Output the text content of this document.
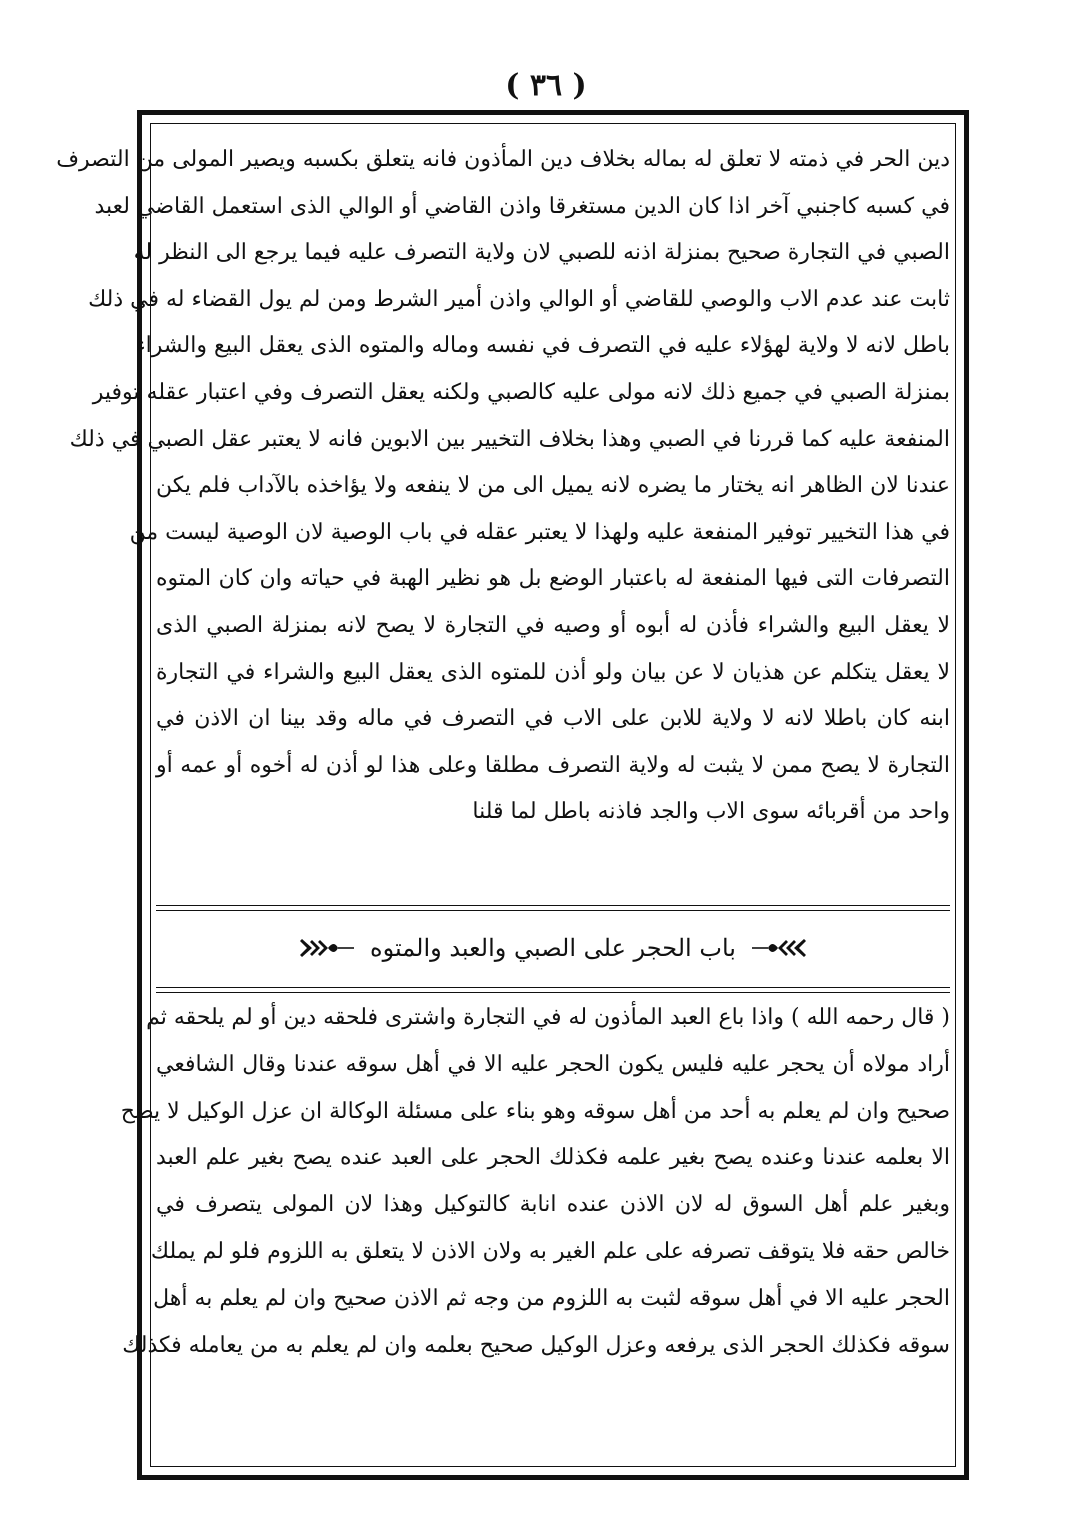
( ٣٦ )
دين الحر في ذمته لا تعلق له بماله بخلاف دين المأذون فانه يتعلق بكسبه ويصير المولى من التصرف
في كسبه كاجنبي آخر اذا كان الدين مستغرقا واذن القاضي أو الوالي الذى استعمل القاضي لعبد
الصبي في التجارة صحيح بمنزلة اذنه للصبي لان ولاية التصرف عليه فيما يرجع الى النظر له
ثابت عند عدم الاب والوصي للقاضي أو الوالي واذن أمير الشرط ومن لم يول القضاء له في ذلك
باطل لانه لا ولاية لهؤلاء عليه في التصرف في نفسه وماله والمتوه الذى يعقل البيع والشراء
بمنزلة الصبي في جميع ذلك لانه مولى عليه كالصبي ولكنه يعقل التصرف وفي اعتبار عقله توفير
المنفعة عليه كما قررنا في الصبي وهذا بخلاف التخيير بين الابوين فانه لا يعتبر عقل الصبي في ذلك
عندنا لان الظاهر انه يختار ما يضره لانه يميل الى من لا ينفعه ولا يؤاخذه بالآداب فلم يكن
في هذا التخيير توفير المنفعة عليه ولهذا لا يعتبر عقله في باب الوصية لان الوصية ليست من
التصرفات التى فيها المنفعة له باعتبار الوضع بل هو نظير الهبة في حياته وان كان المتوه
لا يعقل البيع والشراء فأذن له أبوه أو وصيه في التجارة لا يصح لانه بمنزلة الصبي الذى
لا يعقل يتكلم عن هذيان لا عن بيان ولو أذن للمتوه الذى يعقل البيع والشراء في التجارة
ابنه كان باطلا لانه لا ولاية للابن على الاب في التصرف في ماله وقد بينا ان الاذن في
التجارة لا يصح ممن لا يثبت له ولاية التصرف مطلقا وعلى هذا لو أذن له أخوه أو عمه أو
واحد من أقربائه سوى الاب والجد فاذنه باطل لما قلنا
باب الحجر على الصبي والعبد والمتوه
( قال رحمه الله ) واذا باع العبد المأذون له في التجارة واشترى فلحقه دين أو لم يلحقه ثم
أراد مولاه أن يحجر عليه فليس يكون الحجر عليه الا في أهل سوقه عندنا وقال الشافعي
صحيح وان لم يعلم به أحد من أهل سوقه وهو بناء على مسئلة الوكالة ان عزل الوكيل لا يصح
الا بعلمه عندنا وعنده يصح بغير علمه فكذلك الحجر على العبد عنده يصح بغير علم العبد
وبغير علم أهل السوق له لان الاذن عنده انابة كالتوكيل وهذا لان المولى يتصرف في
خالص حقه فلا يتوقف تصرفه على علم الغير به ولان الاذن لا يتعلق به اللزوم فلو لم يملك
الحجر عليه الا في أهل سوقه لثبت به اللزوم من وجه ثم الاذن صحيح وان لم يعلم به أهل
سوقه فكذلك الحجر الذى يرفعه وعزل الوكيل صحيح بعلمه وان لم يعلم به من يعامله فكذلك
